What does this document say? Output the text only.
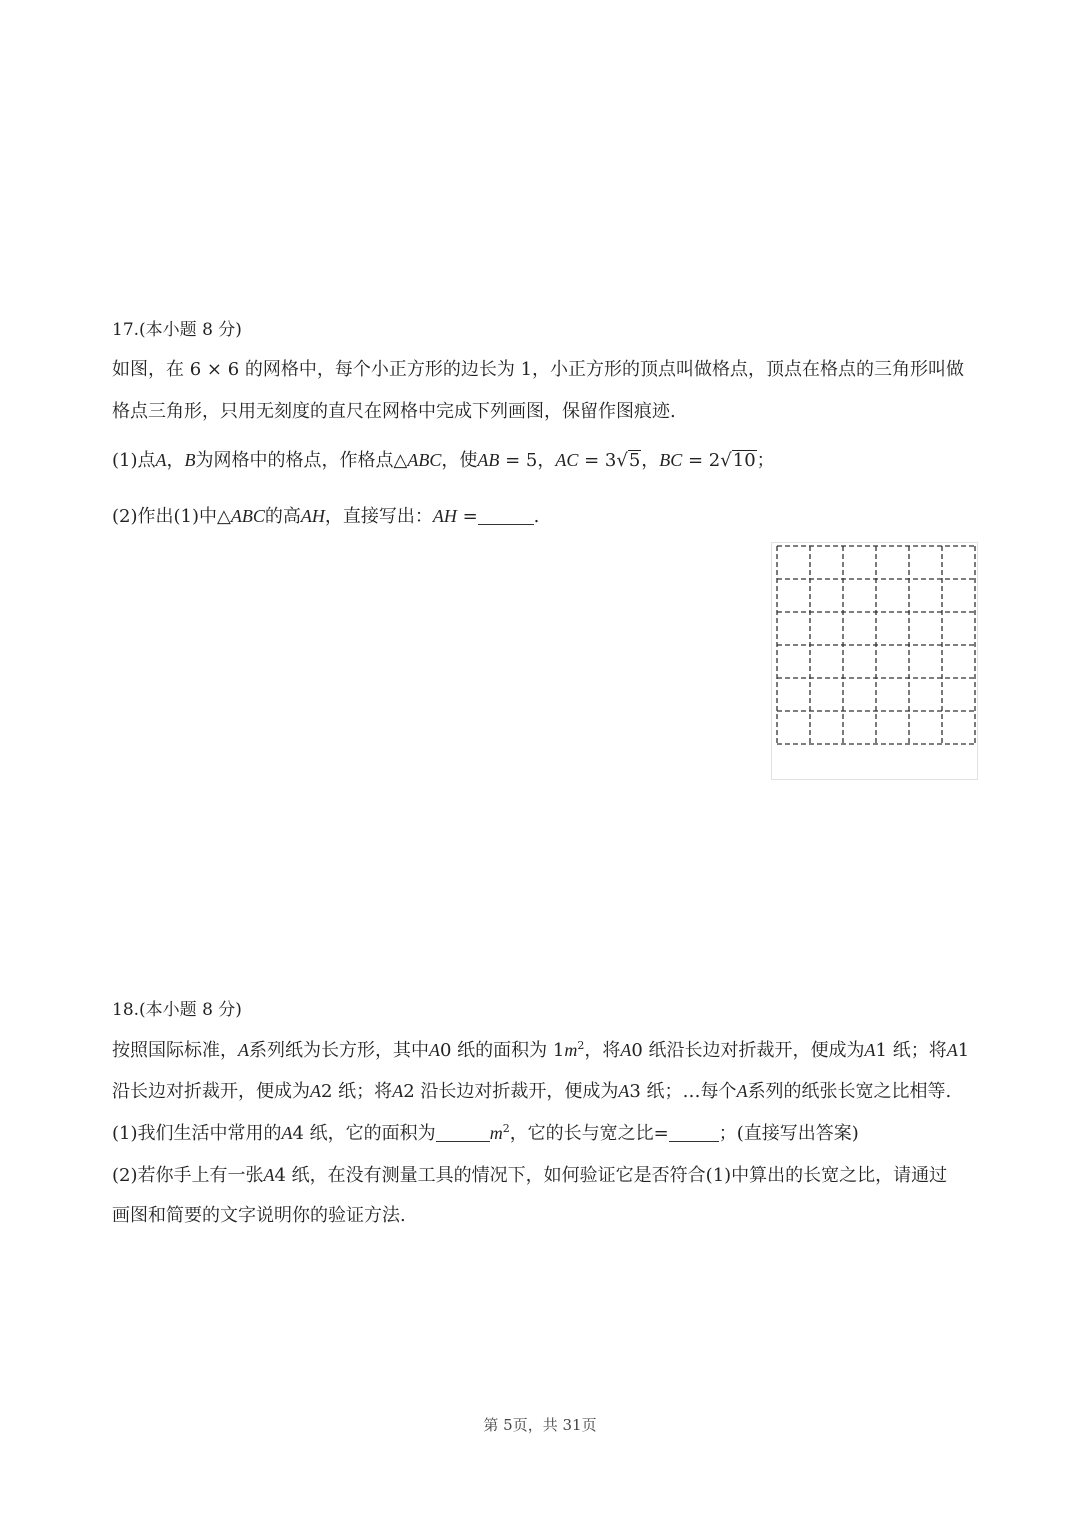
17.(本小题 8 分)

如图，在 6 × 6 的网格中，每个小正方形的边长为 1，小正方形的顶点叫做格点，顶点在格点的三角形叫做

格点三角形，只用无刻度的直尺在网格中完成下列画图，保留作图痕迹.

(1)点A，B为网格中的格点，作格点△ABC，使AB = 5，AC = 3√5，BC = 2√10；

(2)作出(1)中△ABC的高AH，直接写出：AH =	.

18.(本小题 8 分)

按照国际标准，A系列纸为长方形，其中A0 纸的面积为 $1m^2$，将A0 纸沿长边对折裁开，便成为A1 纸；将A1

沿长边对折裁开，便成为A2 纸；将A2 沿长边对折裁开，便成为A3 纸；…每个A系列的纸张长宽之比相等.

(1)我们生活中常用的A4 纸，它的面积为	$m^2$，它的长与宽之比=	；(直接写出答案)

(2)若你手上有一张A4 纸，在没有测量工具的情况下，如何验证它是否符合(1)中算出的长宽之比，请通过

画图和简要的文字说明你的验证方法.

第 5页，共 31页
